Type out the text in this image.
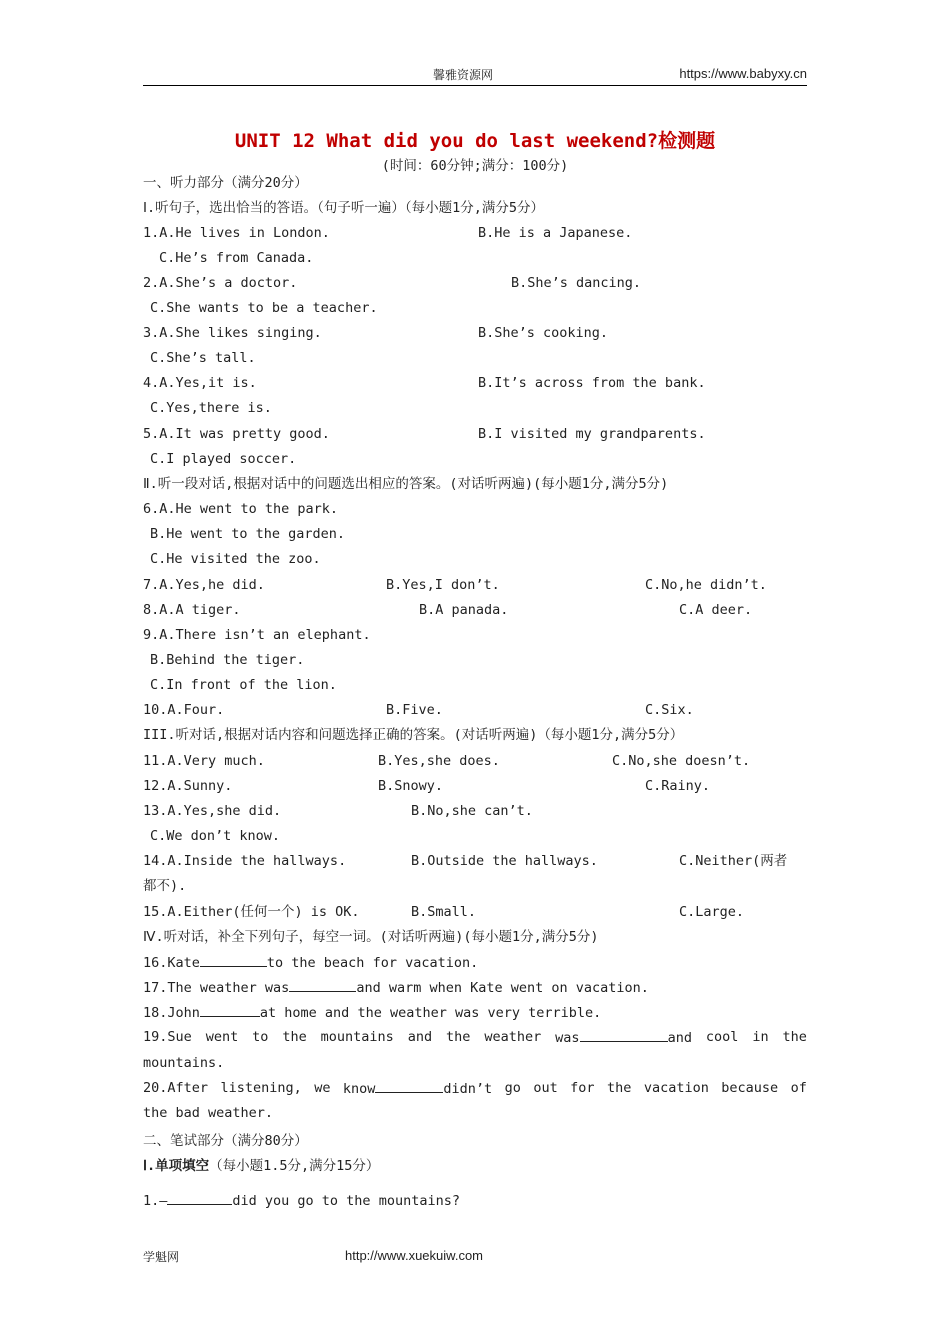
馨雅资源网	https://www.babyxy.cn
UNIT 12 What did you do last weekend?检测题
(时间：60分钟;满分：100分)
一、听力部分（满分20分）
Ⅰ.听句子，选出恰当的答语。（句子听一遍）（每小题1分,满分5分）
1.A.He lives in London.	B.He is a Japanese.
C.He’s from Canada.
2.A.She’s a doctor.	B.She’s dancing.
C.She wants to be a teacher.
3.A.She likes singing.	B.She’s cooking.
C.She’s tall.
4.A.Yes,it is.	B.It’s across from the bank.
C.Yes,there is.
5.A.It was pretty good.	B.I visited my grandparents.
C.I played soccer.
Ⅱ.听一段对话,根据对话中的问题选出相应的答案。(对话听两遍)(每小题1分,满分5分)
6.A.He went to the park.
B.He went to the garden.
C.He visited the zoo.
7.A.Yes,he did.	B.Yes,I don’t.	C.No,he didn’t.
8.A.A tiger.	B.A panada.	C.A deer.
9.A.There isn’t an elephant.
B.Behind the tiger.
C.In front of the lion.
10.A.Four.	B.Five.	C.Six.
III.听对话,根据对话内容和问题选择正确的答案。(对话听两遍)（每小题1分,满分5分）
11.A.Very much.	B.Yes,she does.	C.No,she doesn’t.
12.A.Sunny.	B.Snowy.	C.Rainy.
13.A.Yes,she did.	B.No,she can’t.
C.We don’t know.
14.A.Inside the hallways.	B.Outside the hallways.	C.Neither(两者
都不).
15.A.Either(任何一个) is OK.	B.Small.	C.Large.
Ⅳ.听对话，补全下列句子，每空一词。(对话听两遍)(每小题1分,满分5分)
16.Kate	to the beach for vacation.
17.The weather was	and warm when Kate went on vacation.
18.John	at home and the weather was very terrible.
19.Sue went to the mountains and the weather was	and cool in the
mountains.
20.After listening, we know	didn’t go out for the vacation because of
the bad weather.
二、笔试部分（满分80分）
Ⅰ.单项填空（每小题1.5分,满分15分）
1.—	did you go to the mountains?
学魁网	http://www.xuekuiw.com
